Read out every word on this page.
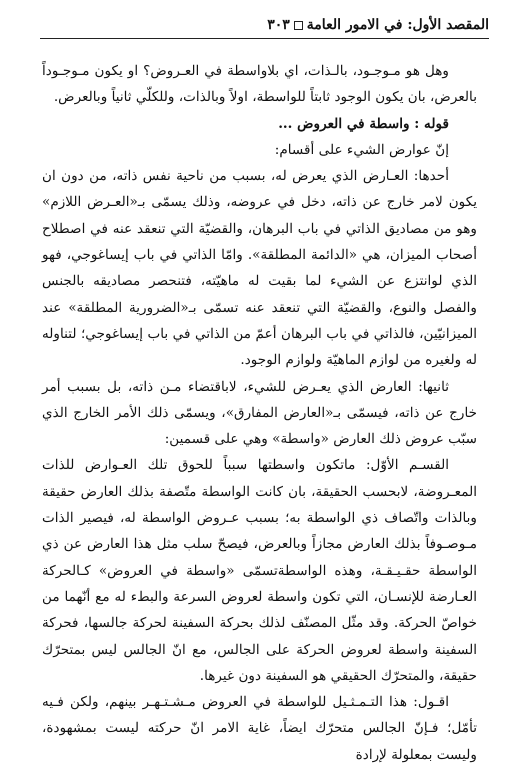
المقصد الأول: في الامور العامة٣٠٣

وهل هو مـوجـود، بالـذات، اي بلاواسطة في العـروض؟ او يكون مـوجـوداً بالعرض، بان يكون الوجود ثابتاً للواسطة، اولاً وبالذات، وللكلّي ثانياً وبالعرض.

قوله : واسطة في العروض ...

إنّ عوارض الشيء على أقسام:

أحدها: العـارض الذي يعرض له، بسبب من ناحية نفس ذاته، من دون ان يكون لامر خارج عن ذاته، دخل في عروضه، وذلك يسمّى بـ«العـرض اللازم» وهو من مصاديق الذاتي في باب البرهان، والقضيّة التي تنعقد عنه في اصطلاح أصحاب الميزان، هي «الدائمة المطلقة». وامّا الذاتي في باب إيساغوجي، فهو الذي لوانتزع عن الشيء لما بقيت له ماهيّته، فتنحصر مصاديقه بالجنس والفصل والنوع، والقضيّة التي تنعقد عنه تسمّى بـ«الضرورية المطلقة» عند الميزانيّين، فالذاتي في باب البرهان أعمّ من الذاتي في باب إيساغوجي؛ لتناوله له ولغيره من لوازم الماهيّة ولوازم الوجود.

ثانيها: العارض الذي يعـرض للشيء، لاباقتضاء مـن ذاته، بل بسبب أمر خارج عن ذاته، فيسمّى بـ«العارض المفارق»، ويسمّى ذلك الأمر الخارج الذي سبّب عروض ذلك العارض «واسطة» وهي على قسمين:

القسـم الأوّل: ماتكون واسطتها سبباً للحوق تلك العـوارض للذات المعـروضة، لابحسب الحقيقة، بان كانت الواسطة متّصفة بذلك العارض حقيقة وبالذات واتّصاف ذي الواسطة به؛ بسبب عـروض الواسطة له، فيصير الذات مـوصـوفاً بذلك العارض مجازاً وبالعرض، فيصحّ سلب مثل هذا العارض عن ذي الواسطة حقـيـقـة، وهذه الواسطةتسمّى «واسطة في العروض» كـالحركة العـارضة للإنسـان، التي تكون واسطة لعروض السرعة والبطء له مع أنّهما من خواصّ الحركة. وقد مثّل المصنّف لذلك بحركة السفينة لحركة جالسها، فحركة السفينة واسطة لعروض الحركة على الجالس، مع انّ الجالس ليس بمتحرّك حقيقة، والمتحرّك الحقيقي هو السفينة دون غيرها.

اقـول: هذا التـمـثـيل للواسطة في العروض مـشـتـهـر بينهم، ولكن فـيه تأمّل؛ فـإنّ الجالس متحرّك ايضاً، غاية الامر انّ حركته ليست بمشهودة، وليست بمعلولة لإرادة
